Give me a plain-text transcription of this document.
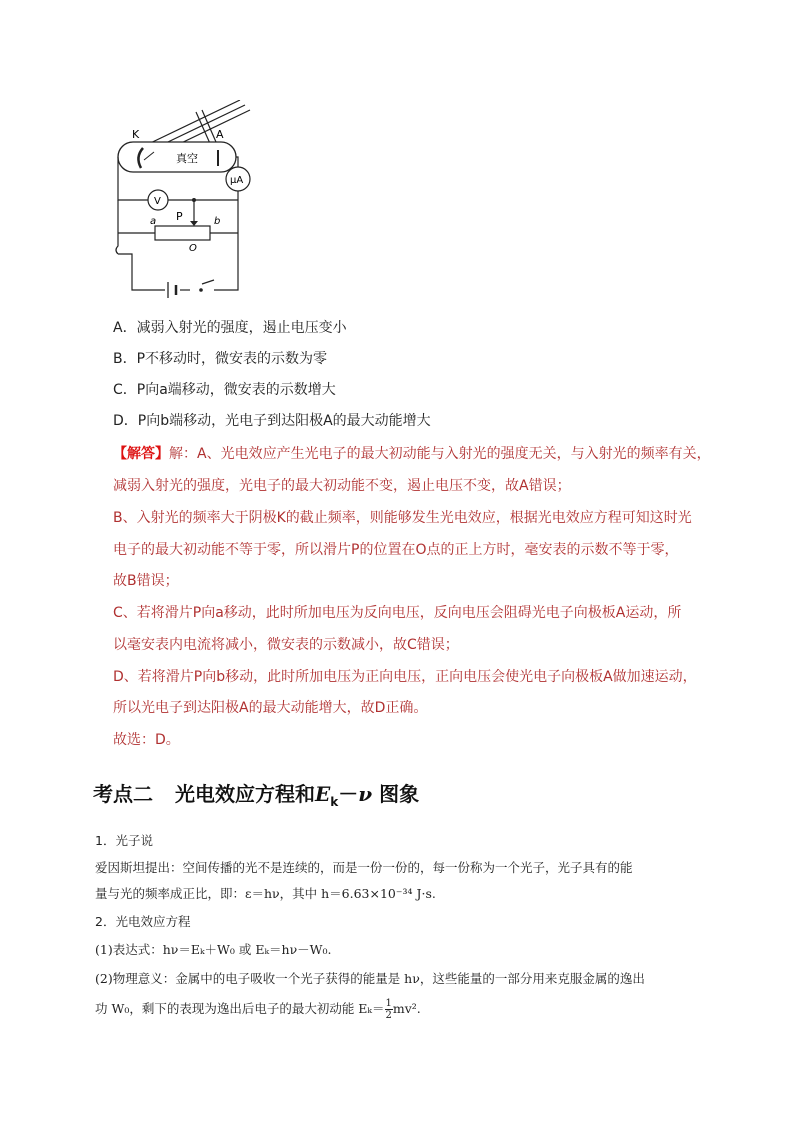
K	A
真空
μA
V
P
a	b
O
A．减弱入射光的强度，遏止电压变小
B．P不移动时，微安表的示数为零
C．P向a端移动，微安表的示数增大
D．P向b端移动，光电子到达阳极A的最大动能增大
【解答】解：A、光电效应产生光电子的最大初动能与入射光的强度无关，与入射光的频率有关，
减弱入射光的强度，光电子的最大初动能不变，遏止电压不变，故A错误；
B、入射光的频率大于阴极K的截止频率，则能够发生光电效应，根据光电效应方程可知这时光
电子的最大初动能不等于零，所以滑片P的位置在O点的正上方时，毫安表的示数不等于零，
故B错误；
C、若将滑片P向a移动，此时所加电压为反向电压，反向电压会阻碍光电子向极板A运动，所
以毫安表内电流将减小，微安表的示数减小，故C错误；
D、若将滑片P向b移动，此时所加电压为正向电压，正向电压会使光电子向极板A做加速运动，
所以光电子到达阳极A的最大动能增大，故D正确。
故选：D。
考点二 光电效应方程和$E_k-\nu$ 图象
1．光子说
爱因斯坦提出：空间传播的光不是连续的，而是一份一份的，每一份称为一个光子，光子具有的能
量与光的频率成正比，即：ε＝hν，其中 h＝6.63×10⁻³⁴ J·s.
2．光电效应方程
(1)表达式：hν＝Eₖ＋W₀ 或 Eₖ＝hν－W₀.
(2)物理意义：金属中的电子吸收一个光子获得的能量是 hν，这些能量的一部分用来克服金属的逸出
功 W₀，剩下的表现为逸出后电子的最大初动能 $E_k= \frac{1}{2} mv^2$.
